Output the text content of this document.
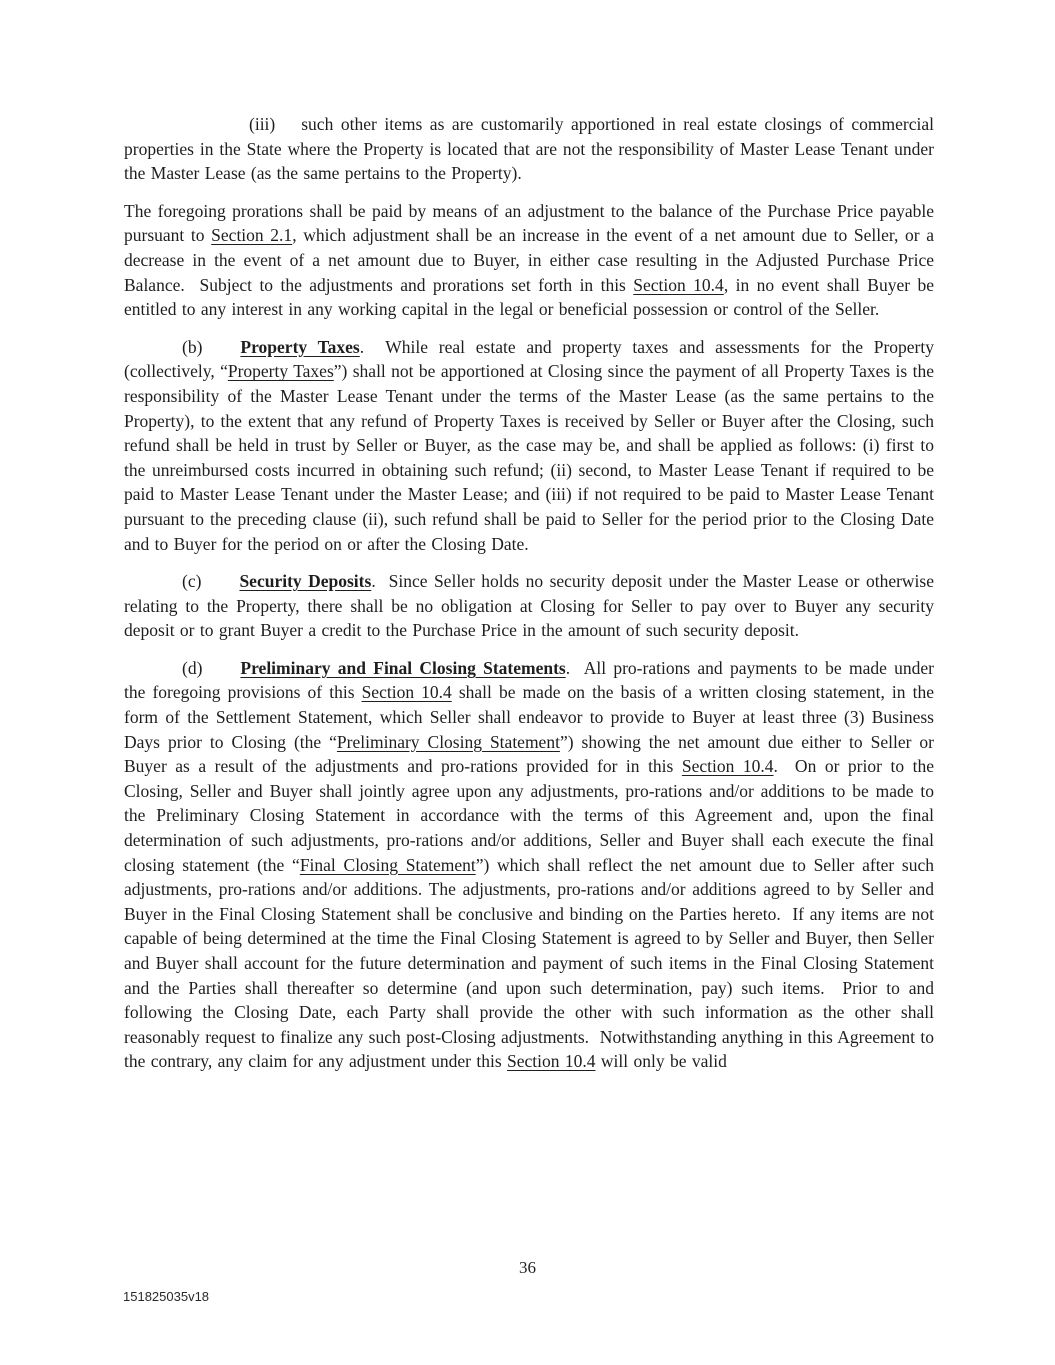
(iii) such other items as are customarily apportioned in real estate closings of commercial properties in the State where the Property is located that are not the responsibility of Master Lease Tenant under the Master Lease (as the same pertains to the Property).

The foregoing prorations shall be paid by means of an adjustment to the balance of the Purchase Price payable pursuant to Section 2.1, which adjustment shall be an increase in the event of a net amount due to Seller, or a decrease in the event of a net amount due to Buyer, in either case resulting in the Adjusted Purchase Price Balance.  Subject to the adjustments and prorations set forth in this Section 10.4, in no event shall Buyer be entitled to any interest in any working capital in the legal or beneficial possession or control of the Seller.

(b) Property Taxes.  While real estate and property taxes and assessments for the Property (collectively, “Property Taxes”) shall not be apportioned at Closing since the payment of all Property Taxes is the responsibility of the Master Lease Tenant under the terms of the Master Lease (as the same pertains to the Property), to the extent that any refund of Property Taxes is received by Seller or Buyer after the Closing, such refund shall be held in trust by Seller or Buyer, as the case may be, and shall be applied as follows: (i) first to the unreimbursed costs incurred in obtaining such refund; (ii) second, to Master Lease Tenant if required to be paid to Master Lease Tenant under the Master Lease; and (iii) if not required to be paid to Master Lease Tenant pursuant to the preceding clause (ii), such refund shall be paid to Seller for the period prior to the Closing Date and to Buyer for the period on or after the Closing Date.

(c) Security Deposits.  Since Seller holds no security deposit under the Master Lease or otherwise relating to the Property, there shall be no obligation at Closing for Seller to pay over to Buyer any security deposit or to grant Buyer a credit to the Purchase Price in the amount of such security deposit.

(d) Preliminary and Final Closing Statements.  All pro-rations and payments to be made under the foregoing provisions of this Section 10.4 shall be made on the basis of a written closing statement, in the form of the Settlement Statement, which Seller shall endeavor to provide to Buyer at least three (3) Business Days prior to Closing (the “Preliminary Closing Statement”) showing the net amount due either to Seller or Buyer as a result of the adjustments and pro-rations provided for in this Section 10.4.  On or prior to the Closing, Seller and Buyer shall jointly agree upon any adjustments, pro-rations and/or additions to be made to the Preliminary Closing Statement in accordance with the terms of this Agreement and, upon the final determination of such adjustments, pro-rations and/or additions, Seller and Buyer shall each execute the final closing statement (the “Final Closing Statement”) which shall reflect the net amount due to Seller after such adjustments, pro-rations and/or additions. The adjustments, pro-rations and/or additions agreed to by Seller and Buyer in the Final Closing Statement shall be conclusive and binding on the Parties hereto.  If any items are not capable of being determined at the time the Final Closing Statement is agreed to by Seller and Buyer, then Seller and Buyer shall account for the future determination and payment of such items in the Final Closing Statement and the Parties shall thereafter so determine (and upon such determination, pay) such items.  Prior to and following the Closing Date, each Party shall provide the other with such information as the other shall reasonably request to finalize any such post-Closing adjustments.  Notwithstanding anything in this Agreement to the contrary, any claim for any adjustment under this Section 10.4 will only be valid

36
151825035v18
